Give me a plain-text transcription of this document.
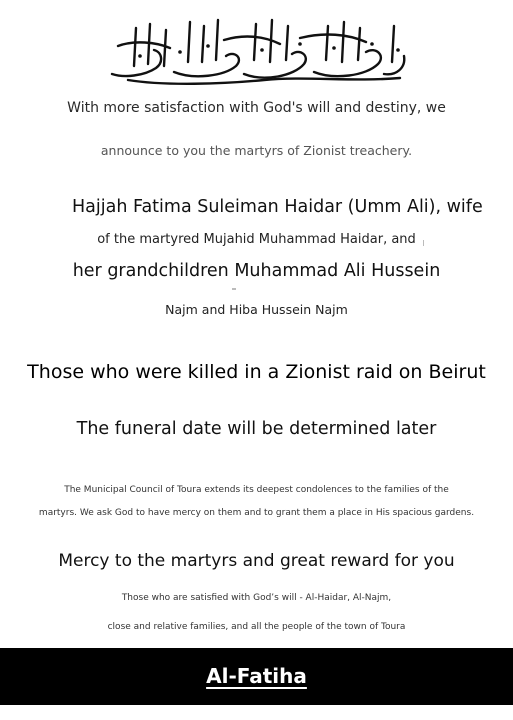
With more satisfaction with God's will and destiny, we
announce to you the martyrs of Zionist treachery.
Hajjah Fatima Suleiman Haidar (Umm Ali), wife
of the martyred Mujahid Muhammad Haidar, and
her grandchildren Muhammad Ali Hussein
Najm and Hiba Hussein Najm
Those who were killed in a Zionist raid on Beirut
The funeral date will be determined later
The Municipal Council of Toura extends its deepest condolences to the families of the
martyrs. We ask God to have mercy on them and to grant them a place in His spacious gardens.
Mercy to the martyrs and great reward for you
Those who are satisfied with God’s will - Al-Haidar, Al-Najm,
close and relative families, and all the people of the town of Toura
Al-Fatiha
